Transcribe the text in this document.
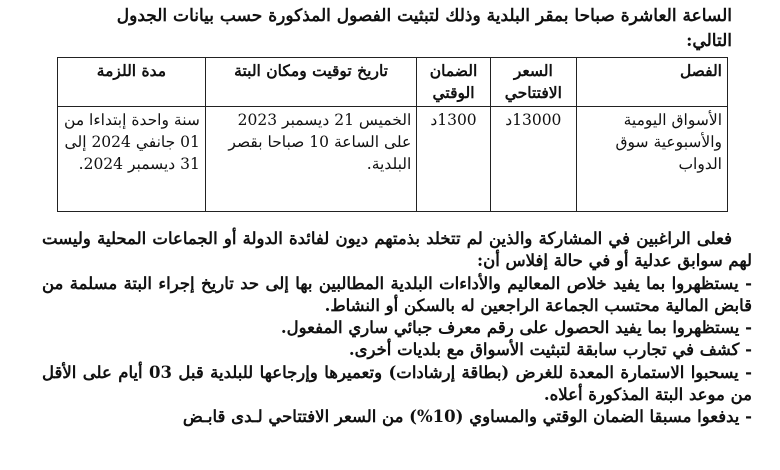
الساعة العاشرة صباحا بمقر البلدية وذلك لتبثيت الفصول المذكورة حسب بيانات الجدول
التالي:
الفصل	السعر الافتتاحي	الضمان الوقتي	تاريخ توقيت ومكان البتة	مدة اللزمة
الأسواق اليومية والأسبوعية سوق الدواب	13000د	1300د	الخميس 21 ديسمبر 2023 على الساعة 10 صباحا بقصر البلدية.	سنة واحدة إبتداءا من 01 جانفي 2024 إلى 31 ديسمبر 2024.

فعلى الراغبين في المشاركة والذين لم تتخلد بذمتهم ديون لفائدة الدولة أو الجماعات المحلية وليست لهم سوابق عدلية أو في حالة إفلاس أن:

- يستظهروا بما يفيد خلاص المعاليم والأداءات البلدية المطالبين بها إلى حد تاريخ إجراء البتة مسلمة من قابض المالية محتسب الجماعة الراجعين له بالسكن أو النشاط.

- يستظهروا بما يفيد الحصول على رقم معرف جبائي ساري المفعول.

- كشف في تجارب سابقة لتبثيت الأسواق مع بلديات أخرى.

- يسحبوا الاستمارة المعدة للغرض (بطاقة إرشادات) وتعميرها وإرجاعها للبلدية قبل 03 أيام على الأقل من موعد البتة المذكورة أعلاه.

- يدفعوا مسبقا الضمان الوقتي والمساوي (10%) من السعر الافتتاحي لـدى قابـض
